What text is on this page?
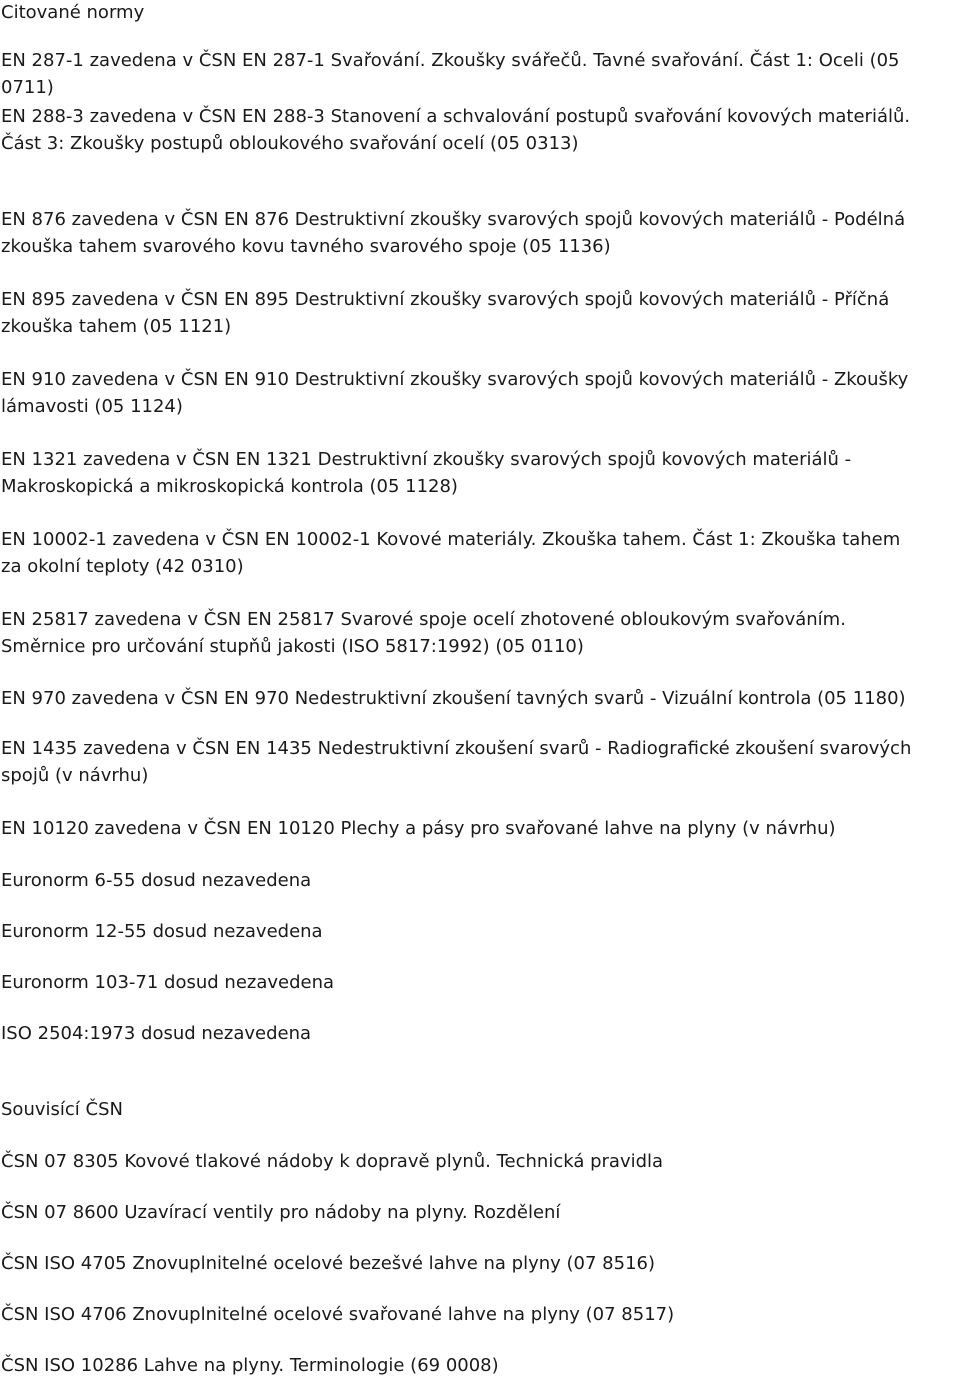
Citované normy
EN 287-1 zavedena v ČSN EN 287-1 Svařování. Zkoušky svářečů. Tavné svařování. Část 1: Oceli (05
0711)
EN 288-3 zavedena v ČSN EN 288-3 Stanovení a schvalování postupů svařování kovových materiálů.
Část 3: Zkoušky postupů obloukového svařování ocelí (05 0313)
EN 876 zavedena v ČSN EN 876 Destruktivní zkoušky svarových spojů kovových materiálů - Podélná
zkouška tahem svarového kovu tavného svarového spoje (05 1136)
EN 895 zavedena v ČSN EN 895 Destruktivní zkoušky svarových spojů kovových materiálů - Příčná
zkouška tahem (05 1121)
EN 910 zavedena v ČSN EN 910 Destruktivní zkoušky svarových spojů kovových materiálů - Zkoušky
lámavosti (05 1124)
EN 1321 zavedena v ČSN EN 1321 Destruktivní zkoušky svarových spojů kovových materiálů -
Makroskopická a mikroskopická kontrola (05 1128)
EN 10002-1 zavedena v ČSN EN 10002-1 Kovové materiály. Zkouška tahem. Část 1: Zkouška tahem
za okolní teploty (42 0310)
EN 25817 zavedena v ČSN EN 25817 Svarové spoje ocelí zhotovené obloukovým svařováním.
Směrnice pro určování stupňů jakosti (ISO 5817:1992) (05 0110)
EN 970 zavedena v ČSN EN 970 Nedestruktivní zkoušení tavných svarů - Vizuální kontrola (05 1180)
EN 1435 zavedena v ČSN EN 1435 Nedestruktivní zkoušení svarů - Radiografické zkoušení svarových
spojů (v návrhu)
EN 10120 zavedena v ČSN EN 10120 Plechy a pásy pro svařované lahve na plyny (v návrhu)
Euronorm 6-55 dosud nezavedena
Euronorm 12-55 dosud nezavedena
Euronorm 103-71 dosud nezavedena
ISO 2504:1973 dosud nezavedena
Souvisící ČSN
ČSN 07 8305 Kovové tlakové nádoby k dopravě plynů. Technická pravidla
ČSN 07 8600 Uzavírací ventily pro nádoby na plyny. Rozdělení
ČSN ISO 4705 Znovuplnitelné ocelové bezešvé lahve na plyny (07 8516)
ČSN ISO 4706 Znovuplnitelné ocelové svařované lahve na plyny (07 8517)
ČSN ISO 10286 Lahve na plyny. Terminologie (69 0008)
